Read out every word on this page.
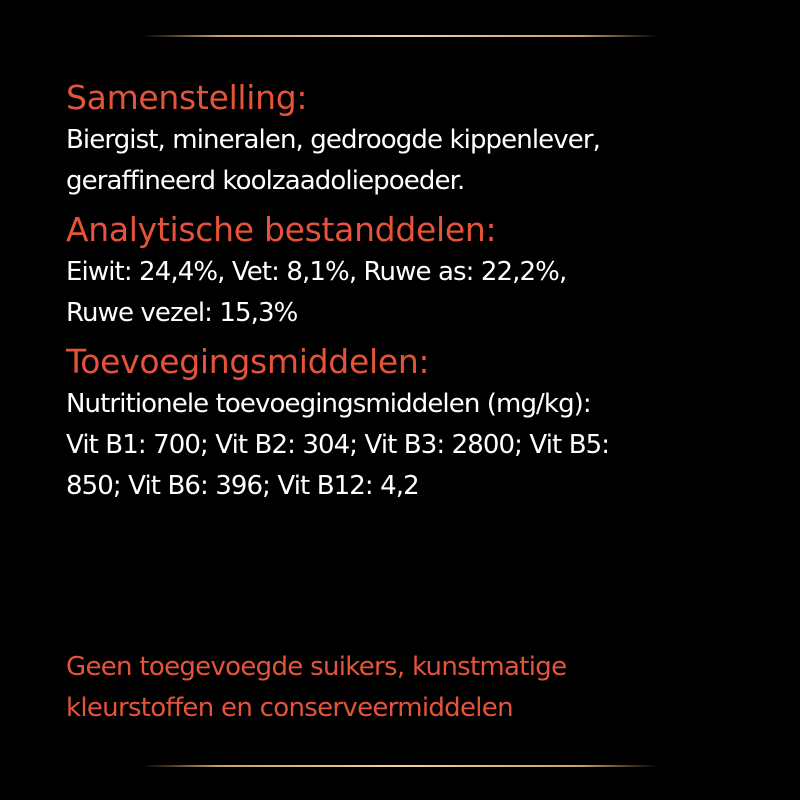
Samenstelling:
Biergist, mineralen, gedroogde kippenlever,
geraffineerd koolzaadoliepoeder.
Analytische bestanddelen:
Eiwit: 24,4%, Vet: 8,1%, Ruwe as: 22,2%,
Ruwe vezel: 15,3%
Toevoegingsmiddelen:
Nutritionele toevoegingsmiddelen (mg/kg):
Vit B1: 700; Vit B2: 304; Vit B3: 2800; Vit B5:
850; Vit B6: 396; Vit B12: 4,2
Geen toegevoegde suikers, kunstmatige
kleurstoffen en conserveermiddelen
